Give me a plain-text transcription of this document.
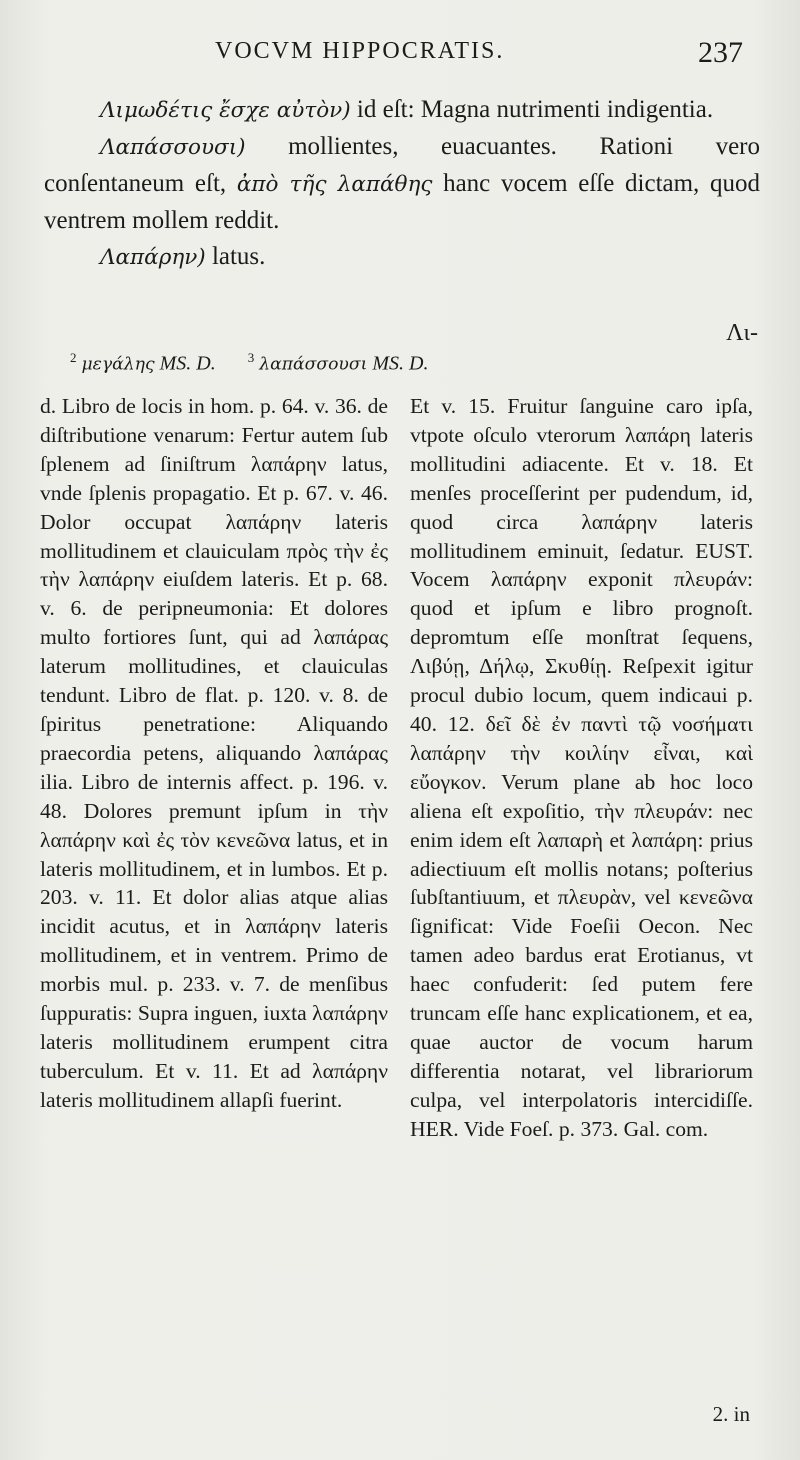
VOCVM HIPPOCRATIS.	237

Λιμωδέτις ἔσχε αὐτὸν) id eſt: Magna nutrimenti indigentia.

Λαπάσσουσι) mollientes, euacuantes. Rationi vero conſentaneum eſt, ἀπὸ τῆς λαπάθης hanc vocem eſſe dictam, quod ventrem mollem reddit.

Λαπάρην) latus.

Λι-
$^2$ μεγάλης MS. D. $^3$ λαπάσσουσι MS. D.
d. Libro de locis in hom. p. 64. v. 36. de diſtributione venarum: Fertur autem ſub ſplenem ad ſiniſtrum λαπάρην latus, vnde ſplenis propagatio. Et p. 67. v. 46. Dolor occupat λαπάρην lateris mollitudinem et clauiculam πρὸς τὴν ἐς τὴν λαπάρην eiuſdem lateris. Et p. 68. v. 6. de peripneumonia: Et dolores multo fortiores ſunt, qui ad λαπάρας laterum mollitudines, et clauiculas tendunt. Libro de flat. p. 120. v. 8. de ſpiritus penetratione: Aliquando praecordia petens, aliquando λαπάρας ilia. Libro de internis affect. p. 196. v. 48. Dolores premunt ipſum in τὴν λαπάρην καὶ ἐς τὸν κενεῶνα latus, et in lateris mollitudinem, et in lumbos. Et p. 203. v. 11. Et dolor alias atque alias incidit acutus, et in λαπάρην lateris mollitudinem, et in ventrem. Primo de morbis mul. p. 233. v. 7. de menſibus ſuppuratis: Supra inguen, iuxta λαπάρην lateris mollitudinem erumpent citra tuberculum. Et v. 11. Et ad λαπάρην lateris mollitudinem allapſi fuerint.
Et v. 15. Fruitur ſanguine caro ipſa, vtpote oſculo vterorum λαπάρη lateris mollitudini adiacente. Et v. 18. Et menſes proceſſerint per pudendum, id, quod circa λαπάρην lateris mollitudinem eminuit, ſedatur. EUST. Vocem λαπάρην exponit πλευράν: quod et ipſum e libro prognoſt. depromtum eſſe monſtrat ſequens, Λιβύῃ, Δήλῳ, Σκυθίῃ. Reſpexit igitur procul dubio locum, quem indicaui p. 40. 12. δεῖ δὲ ἐν παντὶ τῷ νοσήματι λαπάρην τὴν κοιλίην εἶναι, καὶ εὔογκον. Verum plane ab hoc loco aliena eſt expoſitio, τὴν πλευράν: nec enim idem eſt λαπαρὴ et λαπάρη: prius adiectiuum eſt mollis notans; poſterius ſubſtantiuum, et πλευρὰν, vel κενεῶνα ſignificat: Vide Foeſii Oecon. Nec tamen adeo bardus erat Erotianus, vt haec confuderit: ſed putem fere truncam eſſe hanc explicationem, et ea, quae auctor de vocum harum differentia notarat, vel librariorum culpa, vel interpolatoris intercidiſſe. HER. Vide Foeſ. p. 373. Gal. com.
2. in
